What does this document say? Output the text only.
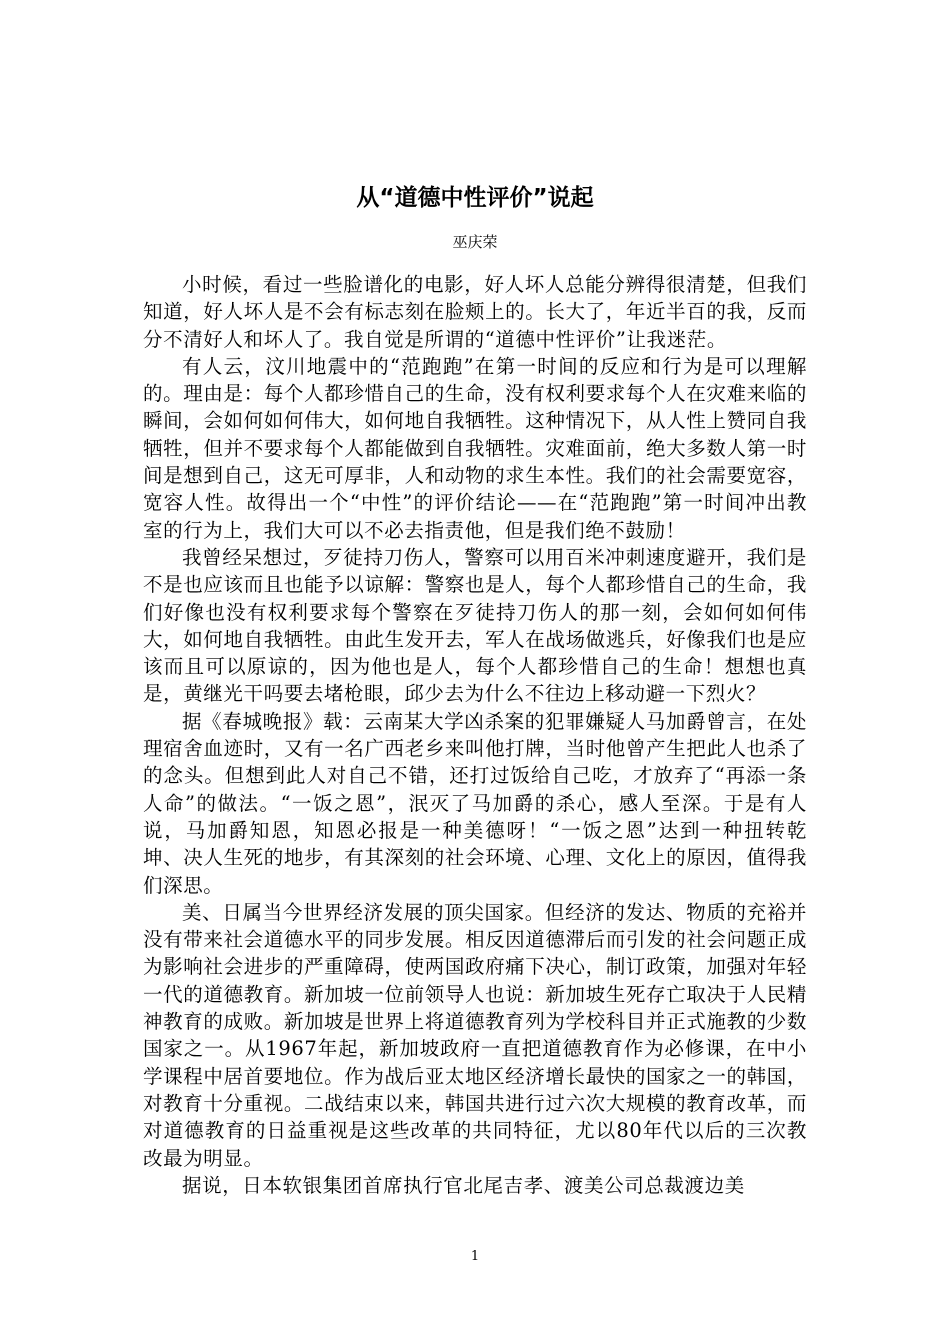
从“道德中性评价”说起
巫庆荣

小时候，看过一些脸谱化的电影，好人坏人总能分辨得很清楚，但我们知道，好人坏人是不会有标志刻在脸颊上的。长大了，年近半百的我，反而分不清好人和坏人了。我自觉是所谓的“道德中性评价”让我迷茫。

有人云，汶川地震中的“范跑跑”在第一时间的反应和行为是可以理解的。理由是：每个人都珍惜自己的生命，没有权利要求每个人在灾难来临的瞬间，会如何如何伟大，如何地自我牺牲。这种情况下，从人性上赞同自我牺牲，但并不要求每个人都能做到自我牺牲。灾难面前，绝大多数人第一时间是想到自己，这无可厚非，人和动物的求生本性。我们的社会需要宽容，宽容人性。故得出一个“中性”的评价结论——在“范跑跑”第一时间冲出教室的行为上，我们大可以不必去指责他，但是我们绝不鼓励！

我曾经呆想过，歹徒持刀伤人，警察可以用百米冲刺速度避开，我们是不是也应该而且也能予以谅解：警察也是人，每个人都珍惜自己的生命，我们好像也没有权利要求每个警察在歹徒持刀伤人的那一刻，会如何如何伟大，如何地自我牺牲。由此生发开去，军人在战场做逃兵，好像我们也是应该而且可以原谅的，因为他也是人，每个人都珍惜自己的生命！想想也真是，黄继光干吗要去堵枪眼，邱少去为什么不往边上移动避一下烈火？

据《春城晚报》载：云南某大学凶杀案的犯罪嫌疑人马加爵曾言，在处理宿舍血迹时，又有一名广西老乡来叫他打牌，当时他曾产生把此人也杀了的念头。但想到此人对自己不错，还打过饭给自己吃，才放弃了“再添一条人命”的做法。“一饭之恩”，泯灭了马加爵的杀心，感人至深。于是有人说，马加爵知恩，知恩必报是一种美德呀！“一饭之恩”达到一种扭转乾坤、决人生死的地步，有其深刻的社会环境、心理、文化上的原因，值得我们深思。

美、日属当今世界经济发展的顶尖国家。但经济的发达、物质的充裕并没有带来社会道德水平的同步发展。相反因道德滞后而引发的社会问题正成为影响社会进步的严重障碍，使两国政府痛下决心，制订政策，加强对年轻一代的道德教育。新加坡一位前领导人也说：新加坡生死存亡取决于人民精神教育的成败。新加坡是世界上将道德教育列为学校科目并正式施教的少数国家之一。从1967年起，新加坡政府一直把道德教育作为必修课，在中小学课程中居首要地位。作为战后亚太地区经济增长最快的国家之一的韩国，对教育十分重视。二战结束以来，韩国共进行过六次大规模的教育改革，而对道德教育的日益重视是这些改革的共同特征，尤以80年代以后的三次教改最为明显。

据说，日本软银集团首席执行官北尾吉孝、渡美公司总裁渡边美

1
